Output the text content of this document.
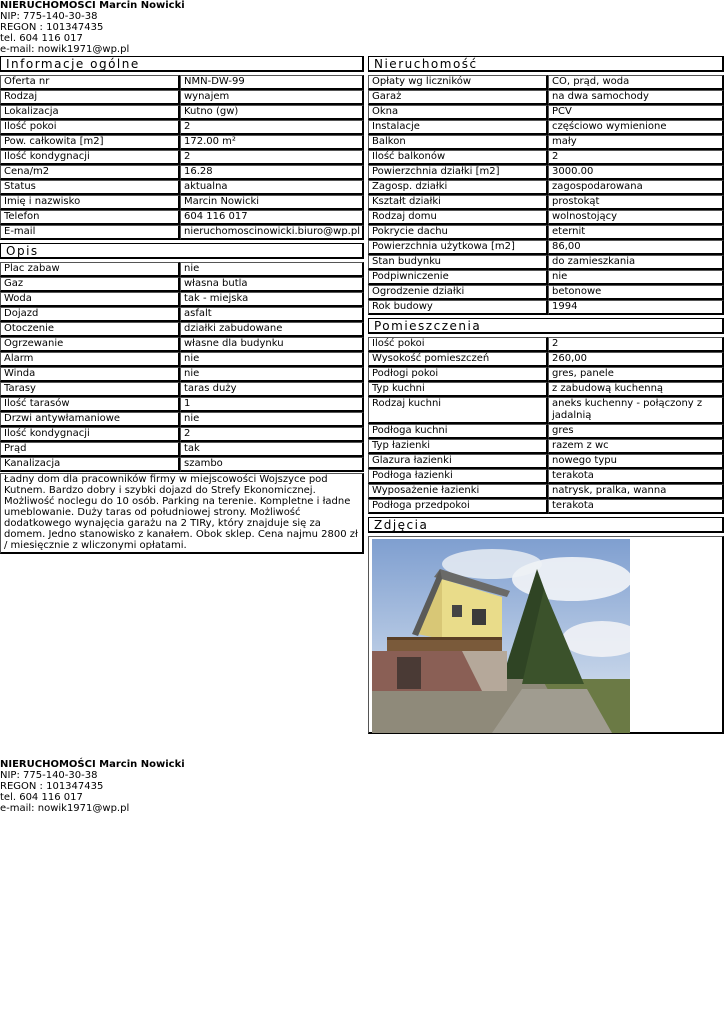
NIERUCHOMOŚCI Marcin Nowicki
NIP: 775-140-30-38
REGON : 101347435
tel. 604 116 017
e-mail: nowik1971@wp.pl
Informacje ogólne
Oferta nr	NMN-DW-99
Rodzaj	wynajem
Lokalizacja	Kutno (gw)
Ilość pokoi	2
Pow. całkowita [m2]	172.00 m²
Ilość kondygnacji	2
Cena/m2	16.28
Status	aktualna
Imię i nazwisko	Marcin Nowicki
Telefon	604 116 017
E-mail	nieruchomoscinowicki.biuro@wp.pl
Opis
Plac zabaw	nie
Gaz	własna butla
Woda	tak - miejska
Dojazd	asfalt
Otoczenie	działki zabudowane
Ogrzewanie	własne dla budynku
Alarm	nie
Winda	nie
Tarasy	taras duży
Ilość tarasów	1
Drzwi antywłamaniowe	nie
Ilość kondygnacji	2
Prąd	tak
Kanalizacja	szambo
Ładny dom dla pracowników firmy w miejscowości Wojszyce pod Kutnem. Bardzo dobry i szybki dojazd do Strefy Ekonomicznej. Możliwość noclegu do 10 osób. Parking na terenie. Kompletne i ładne umeblowanie. Duży taras od południowej strony. Możliwość dodatkowego wynajęcia garażu na 2 TIRy, który znajduje się za domem. Jedno stanowisko z kanałem. Obok sklep. Cena najmu 2800 zł / miesięcznie z wliczonymi opłatami.
Nieruchomość
Opłaty wg liczników	CO, prąd, woda
Garaż	na dwa samochody
Okna	PCV
Instalacje	częściowo wymienione
Balkon	mały
Ilość balkonów	2
Powierzchnia działki [m2]	3000.00
Zagosp. działki	zagospodarowana
Kształt działki	prostokąt
Rodzaj domu	wolnostojący
Pokrycie dachu	eternit
Powierzchnia użytkowa [m2]	86,00
Stan budynku	do zamieszkania
Podpiwniczenie	nie
Ogrodzenie działki	betonowe
Rok budowy	1994
Pomieszczenia
Ilość pokoi	2
Wysokość pomieszczeń	260,00
Podłogi pokoi	gres, panele
Typ kuchni	z zabudową kuchenną
Rodzaj kuchni	aneks kuchenny - połączony z jadalnią
Podłoga kuchni	gres
Typ łazienki	razem z wc
Glazura łazienki	nowego typu
Podłoga łazienki	terakota
Wyposażenie łazienki	natrysk, pralka, wanna
Podłoga przedpokoi	terakota
Zdjęcia
NIERUCHOMOŚCI Marcin Nowicki
NIP: 775-140-30-38
REGON : 101347435
tel. 604 116 017
e-mail: nowik1971@wp.pl
